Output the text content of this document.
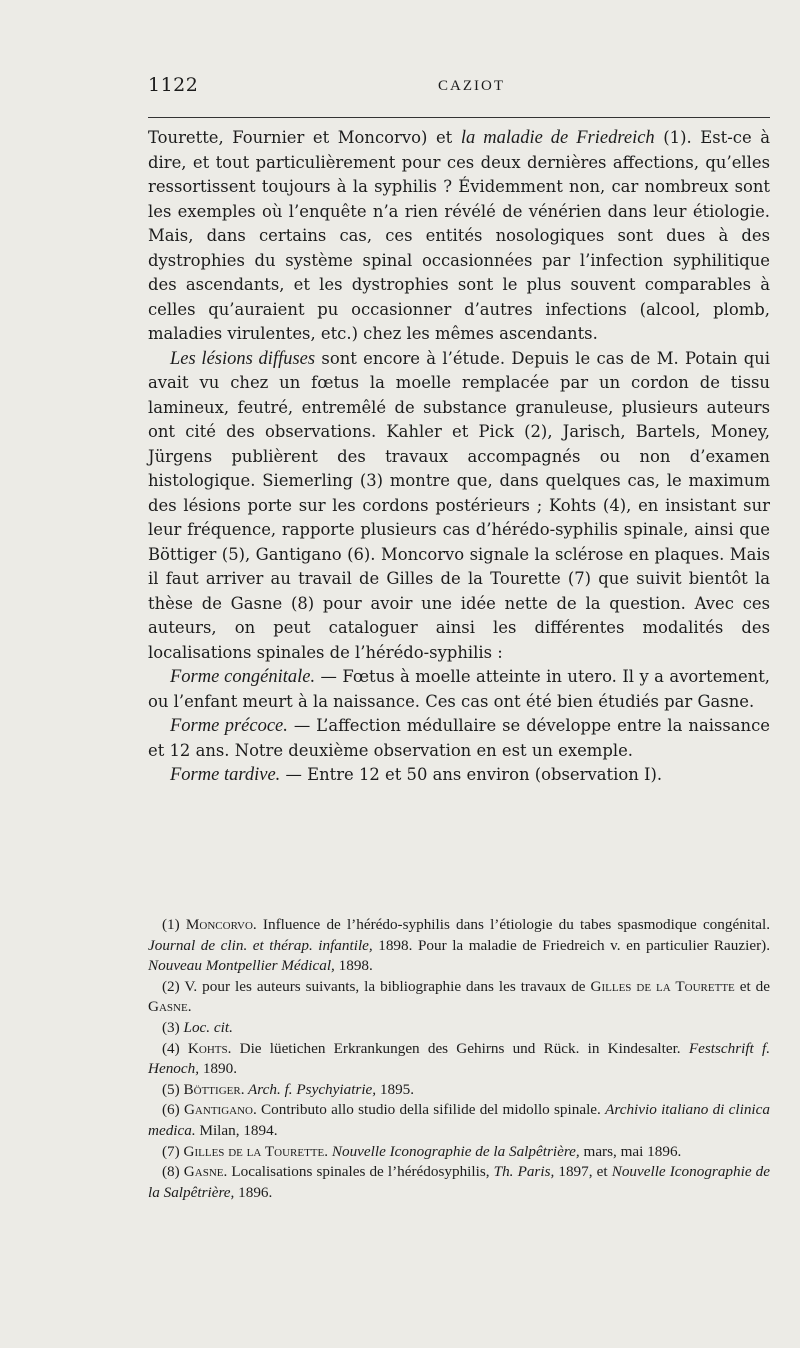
1122	CAZIOT

Tourette, Fournier et Moncorvo) et la maladie de Friedreich (1). Est-ce à dire, et tout particulièrement pour ces deux dernières affections, qu’elles ressortissent toujours à la syphilis ? Évidemment non, car nombreux sont les exemples où l’enquête n’a rien révélé de vénérien dans leur étiologie. Mais, dans certains cas, ces entités nosologiques sont dues à des dystrophies du système spinal occasionnées par l’infection syphilitique des ascendants, et les dystrophies sont le plus souvent comparables à celles qu’auraient pu occasionner d’autres infections (alcool, plomb, maladies virulentes, etc.) chez les mêmes ascendants.

Les lésions diffuses sont encore à l’étude. Depuis le cas de M. Potain qui avait vu chez un fœtus la moelle remplacée par un cordon de tissu lamineux, feutré, entremêlé de substance granuleuse, plusieurs auteurs ont cité des observations. Kahler et Pick (2), Jarisch, Bartels, Money, Jürgens publièrent des travaux accompagnés ou non d’examen histologique. Siemerling (3) montre que, dans quelques cas, le maximum des lésions porte sur les cordons postérieurs ; Kohts (4), en insistant sur leur fréquence, rapporte plusieurs cas d’hérédo-syphilis spinale, ainsi que Böttiger (5), Gantigano (6). Moncorvo signale la sclérose en plaques. Mais il faut arriver au travail de Gilles de la Tourette (7) que suivit bientôt la thèse de Gasne (8) pour avoir une idée nette de la question. Avec ces auteurs, on peut cataloguer ainsi les différentes modalités des localisations spinales de l’hérédo-syphilis :

Forme congénitale. — Fœtus à moelle atteinte in utero. Il y a avortement, ou l’enfant meurt à la naissance. Ces cas ont été bien étudiés par Gasne.

Forme précoce. — L’affection médullaire se développe entre la naissance et 12 ans. Notre deuxième observation en est un exemple.

Forme tardive. — Entre 12 et 50 ans environ (observation I).

(1) Moncorvo. Influence de l’hérédo-syphilis dans l’étiologie du tabes spasmodique congénital. Journal de clin. et thérap. infantile, 1898. Pour la maladie de Friedreich v. en particulier Rauzier). Nouveau Montpellier Médical, 1898.

(2) V. pour les auteurs suivants, la bibliographie dans les travaux de Gilles de la Tourette et de Gasne.

(3) Loc. cit.

(4) Kohts. Die lüetichen Erkrankungen des Gehirns und Rück. in Kindesalter. Festschrift f. Henoch, 1890.

(5) Böttiger. Arch. f. Psychyiatrie, 1895.

(6) Gantigano. Contributo allo studio della sifilide del midollo spinale. Archivio italiano di clinica medica. Milan, 1894.

(7) Gilles de la Tourette. Nouvelle Iconographie de la Salpêtrière, mars, mai 1896.

(8) Gasne. Localisations spinales de l’hérédosyphilis, Th. Paris, 1897, et Nouvelle Iconographie de la Salpêtrière, 1896.
